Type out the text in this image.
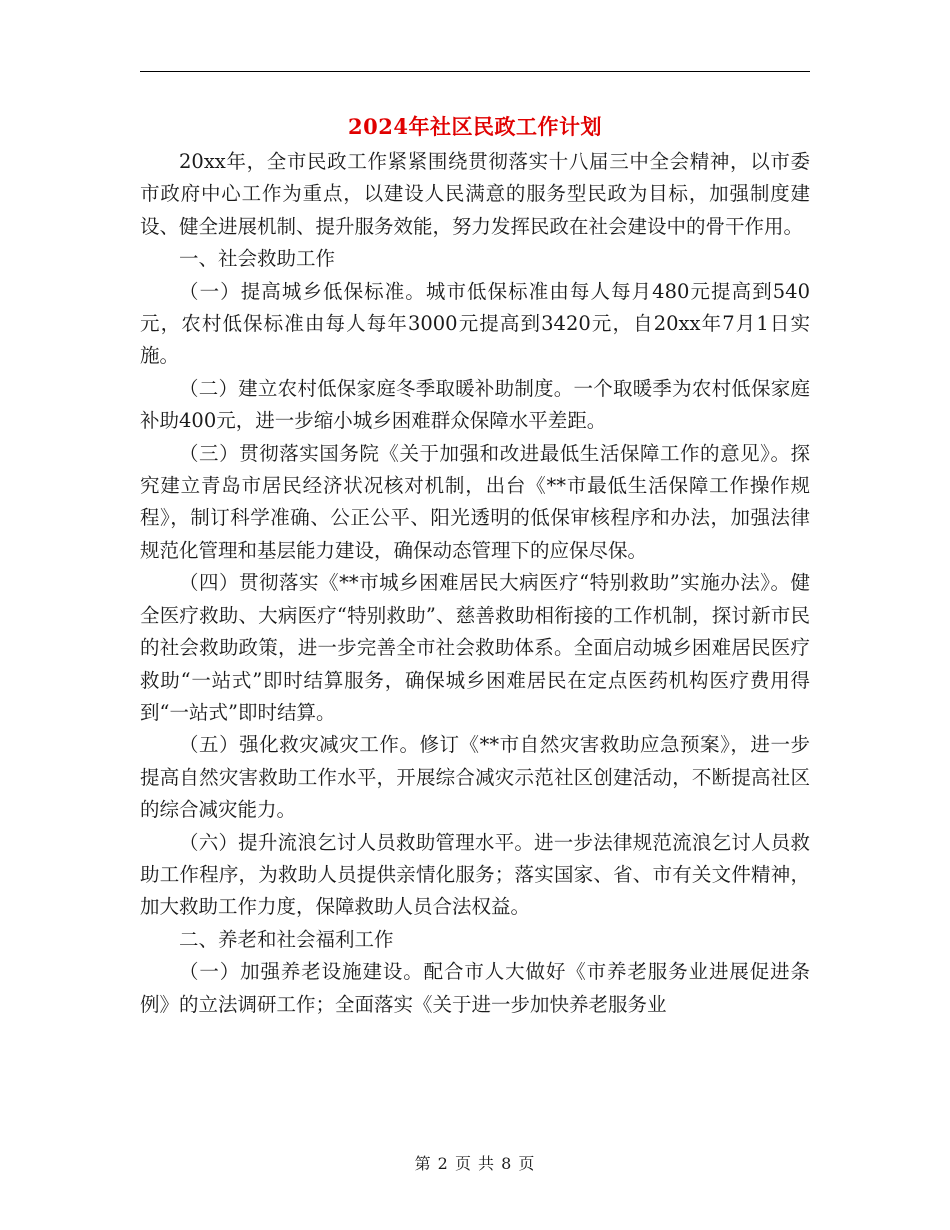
2024年社区民政工作计划

20xx年，全市民政工作紧紧围绕贯彻落实十八届三中全会精神，以市委市政府中心工作为重点，以建设人民满意的服务型民政为目标，加强制度建设、健全进展机制、提升服务效能，努力发挥民政在社会建设中的骨干作用。

一、社会救助工作

（一）提高城乡低保标准。城市低保标准由每人每月480元提高到540元，农村低保标准由每人每年3000元提高到3420元，自20xx年7月1日实施。

（二）建立农村低保家庭冬季取暖补助制度。一个取暖季为农村低保家庭补助400元，进一步缩小城乡困难群众保障水平差距。

（三）贯彻落实国务院《关于加强和改进最低生活保障工作的意见》。探究建立青岛市居民经济状况核对机制，出台《**市最低生活保障工作操作规程》，制订科学准确、公正公平、阳光透明的低保审核程序和办法，加强法律规范化管理和基层能力建设，确保动态管理下的应保尽保。

（四）贯彻落实《**市城乡困难居民大病医疗“特别救助”实施办法》。健全医疗救助、大病医疗“特别救助”、慈善救助相衔接的工作机制，探讨新市民的社会救助政策，进一步完善全市社会救助体系。全面启动城乡困难居民医疗救助“一站式”即时结算服务，确保城乡困难居民在定点医药机构医疗费用得到“一站式”即时结算。

（五）强化救灾减灾工作。修订《**市自然灾害救助应急预案》，进一步提高自然灾害救助工作水平，开展综合减灾示范社区创建活动，不断提高社区的综合减灾能力。

（六）提升流浪乞讨人员救助管理水平。进一步法律规范流浪乞讨人员救助工作程序，为救助人员提供亲情化服务；落实国家、省、市有关文件精神，加大救助工作力度，保障救助人员合法权益。

二、养老和社会福利工作

（一）加强养老设施建设。配合市人大做好《市养老服务业进展促进条例》的立法调研工作；全面落实《关于进一步加快养老服务业

第 2 页 共 8 页
